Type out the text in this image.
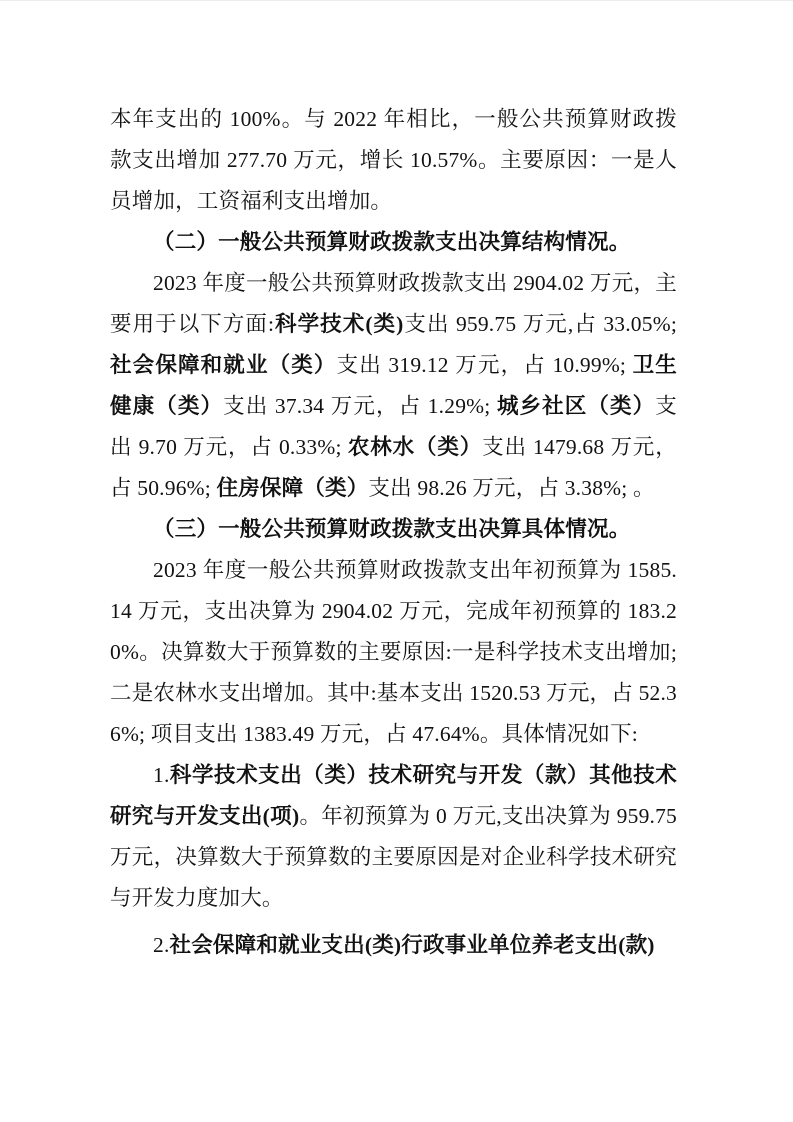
本年支出的 100%。与 2022 年相比，一般公共预算财政拨款支出增加 277.70 万元，增长 10.57%。主要原因：一是人员增加，工资福利支出增加。

（二）一般公共预算财政拨款支出决算结构情况。

2023 年度一般公共预算财政拨款支出 2904.02 万元，主要用于以下方面:科学技术(类)支出 959.75 万元,占 33.05%; 社会保障和就业（类）支出 319.12 万元，占 10.99%; 卫生健康（类）支出 37.34 万元，占 1.29%; 城乡社区（类）支出 9.70 万元，占 0.33%; 农林水（类）支出 1479.68 万元，占 50.96%; 住房保障（类）支出 98.26 万元，占 3.38%; 。

（三）一般公共预算财政拨款支出决算具体情况。

2023 年度一般公共预算财政拨款支出年初预算为 1585.14 万元，支出决算为 2904.02 万元，完成年初预算的 183.20%。决算数大于预算数的主要原因:一是科学技术支出增加; 二是农林水支出增加。其中:基本支出 1520.53 万元，占 52.36%; 项目支出 1383.49 万元，占 47.64%。具体情况如下:

1.科学技术支出（类）技术研究与开发（款）其他技术研究与开发支出(项)。年初预算为 0 万元,支出决算为 959.75 万元，决算数大于预算数的主要原因是对企业科学技术研究与开发力度加大。

2.社会保障和就业支出(类)行政事业单位养老支出(款)
